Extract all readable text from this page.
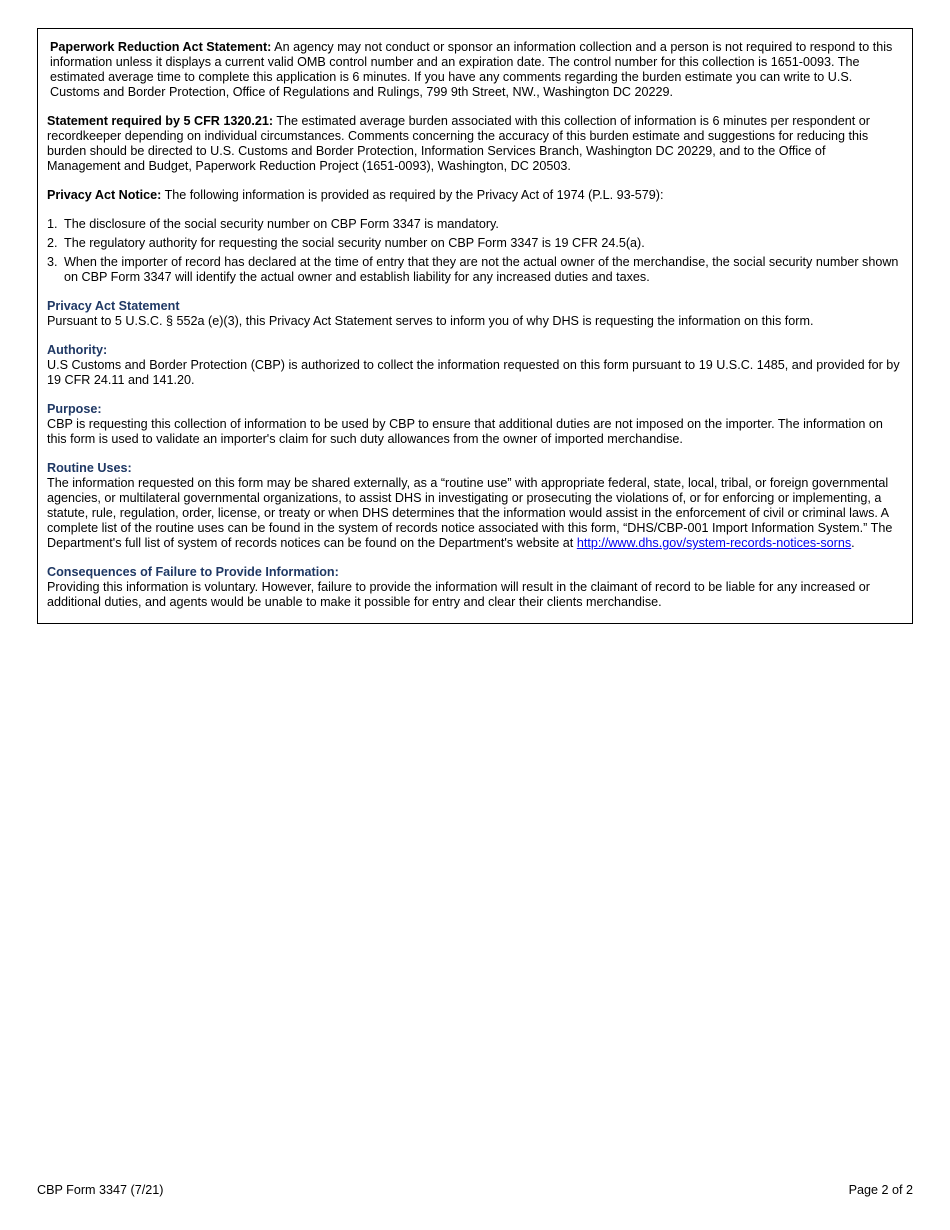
Paperwork Reduction Act Statement: An agency may not conduct or sponsor an information collection and a person is not required to respond to this information unless it displays a current valid OMB control number and an expiration date. The control number for this collection is 1651-0093. The estimated average time to complete this application is 6 minutes. If you have any comments regarding the burden estimate you can write to U.S. Customs and Border Protection, Office of Regulations and Rulings, 799 9th Street, NW., Washington DC 20229.

Statement required by 5 CFR 1320.21: The estimated average burden associated with this collection of information is 6 minutes per respondent or recordkeeper depending on individual circumstances. Comments concerning the accuracy of this burden estimate and suggestions for reducing this burden should be directed to U.S. Customs and Border Protection, Information Services Branch, Washington DC 20229, and to the Office of Management and Budget, Paperwork Reduction Project (1651-0093), Washington, DC 20503.

Privacy Act Notice: The following information is provided as required by the Privacy Act of 1974 (P.L. 93-579):

1. The disclosure of the social security number on CBP Form 3347 is mandatory.
2. The regulatory authority for requesting the social security number on CBP Form 3347 is 19 CFR 24.5(a).
3. When the importer of record has declared at the time of entry that they are not the actual owner of the merchandise, the social security number shown on CBP Form 3347 will identify the actual owner and establish liability for any increased duties and taxes.
Privacy Act Statement

Pursuant to 5 U.S.C. § 552a (e)(3), this Privacy Act Statement serves to inform you of why DHS is requesting the information on this form.

Authority:

U.S Customs and Border Protection (CBP) is authorized to collect the information requested on this form pursuant to 19 U.S.C. 1485, and provided for by 19 CFR 24.11 and 141.20.

Purpose:

CBP is requesting this collection of information to be used by CBP to ensure that additional duties are not imposed on the importer. The information on this form is used to validate an importer's claim for such duty allowances from the owner of imported merchandise.

Routine Uses:

The information requested on this form may be shared externally, as a “routine use” with appropriate federal, state, local, tribal, or foreign governmental agencies, or multilateral governmental organizations, to assist DHS in investigating or prosecuting the violations of, or for enforcing or implementing, a statute, rule, regulation, order, license, or treaty or when DHS determines that the information would assist in the enforcement of civil or criminal laws. A complete list of the routine uses can be found in the system of records notice associated with this form, “DHS/CBP-001 Import Information System.” The Department's full list of system of records notices can be found on the Department's website at http://www.dhs.gov/system-records-notices-sorns.

Consequences of Failure to Provide Information:

Providing this information is voluntary. However, failure to provide the information will result in the claimant of record to be liable for any increased or additional duties, and agents would be unable to make it possible for entry and clear their clients merchandise.

CBP Form 3347 (7/21)	Page 2 of 2
